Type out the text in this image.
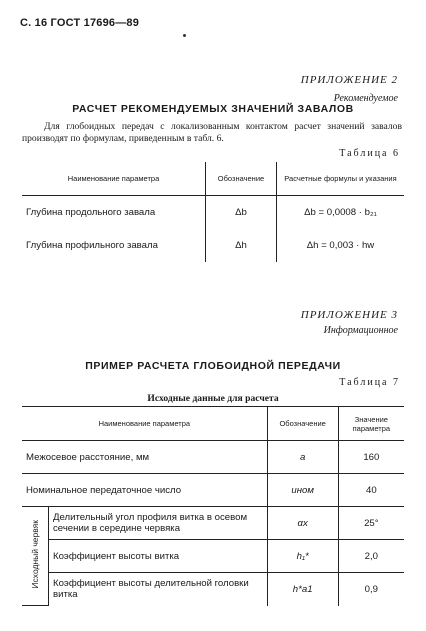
С. 16 ГОСТ 17696—89
ПРИЛОЖЕНИЕ 2
Рекомендуемое
РАСЧЕТ РЕКОМЕНДУЕМЫХ ЗНАЧЕНИЙ ЗАВАЛОВ
Для глобоидных передач с локализованным контактом расчет значений завалов производят по формулам, приведенным в табл. 6.
Таблица 6
Наименование параметра	Обозначение	Расчетные формулы и указания
Глубина продольного завала	Δb	Δb = 0,0008 · b₂₁
Глубина профильного завала	Δh	Δh = 0,003 · hw
ПРИЛОЖЕНИЕ 3
Информационное
ПРИМЕР РАСЧЕТА ГЛОБОИДНОЙ ПЕРЕДАЧИ
Таблица 7
Исходные данные для расчета
Наименование параметра		Обозначение	Значение параметра
Межосевое расстояние, мм		a	160
Номинальное передаточное число		uном	40
Исходный червяк	Делительный угол профиля витка в осевом сечении в середине червяка	αx	25°
	Коэффициент высоты витка	h₁*	2,0
	Коэффициент высоты делительной головки витка	h*a1	0,9
